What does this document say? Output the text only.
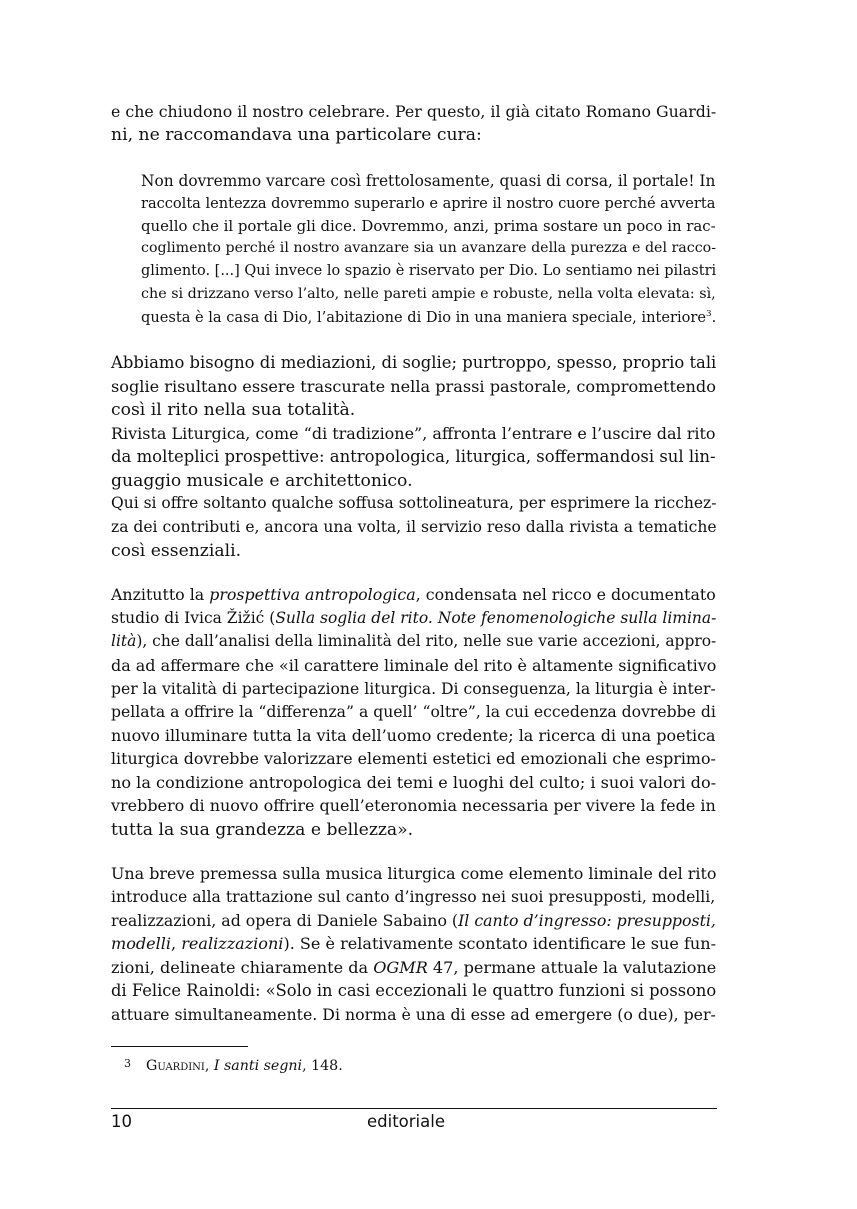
e che chiudono il nostro celebrare. Per questo, il già citato Romano Guardi-
ni, ne raccomandava una particolare cura:
Non dovremmo varcare così frettolosamente, quasi di corsa, il portale! In
raccolta lentezza dovremmo superarlo e aprire il nostro cuore perché avverta
quello che il portale gli dice. Dovremmo, anzi, prima sostare un poco in rac-
coglimento perché il nostro avanzare sia un avanzare della purezza e del racco-
glimento. [...] Qui invece lo spazio è riservato per Dio. Lo sentiamo nei pilastri
che si drizzano verso l’alto, nelle pareti ampie e robuste, nella volta elevata: sì,
questa è la casa di Dio, l’abitazione di Dio in una maniera speciale, interiore$^3$.
Abbiamo bisogno di mediazioni, di soglie; purtroppo, spesso, proprio tali
soglie risultano essere trascurate nella prassi pastorale, compromettendo
così il rito nella sua totalità.
Rivista Liturgica, come “di tradizione”, affronta l’entrare e l’uscire dal rito
da molteplici prospettive: antropologica, liturgica, soffermandosi sul lin-
guaggio musicale e architettonico.
Qui si offre soltanto qualche soffusa sottolineatura, per esprimere la ricchez-
za dei contributi e, ancora una volta, il servizio reso dalla rivista a tematiche
così essenziali.
Anzitutto la prospettiva antropologica, condensata nel ricco e documentato
studio di Ivica Žižić (Sulla soglia del rito. Note fenomenologiche sulla limina-
lità), che dall’analisi della liminalità del rito, nelle sue varie accezioni, appro-
da ad affermare che «il carattere liminale del rito è altamente significativo
per la vitalità di partecipazione liturgica. Di conseguenza, la liturgia è inter-
pellata a offrire la “differenza” a quell’ “oltre”, la cui eccedenza dovrebbe di
nuovo illuminare tutta la vita dell’uomo credente; la ricerca di una poetica
liturgica dovrebbe valorizzare elementi estetici ed emozionali che esprimo-
no la condizione antropologica dei temi e luoghi del culto; i suoi valori do-
vrebbero di nuovo offrire quell’eteronomia necessaria per vivere la fede in
tutta la sua grandezza e bellezza».
Una breve premessa sulla musica liturgica come elemento liminale del rito
introduce alla trattazione sul canto d’ingresso nei suoi presupposti, modelli,
realizzazioni, ad opera di Daniele Sabaino (Il canto d’ingresso: presupposti,
modelli, realizzazioni). Se è relativamente scontato identificare le sue fun-
zioni, delineate chiaramente da OGMR 47, permane attuale la valutazione
di Felice Rainoldi: «Solo in casi eccezionali le quattro funzioni si possono
attuare simultaneamente. Di norma è una di esse ad emergere (o due), per-
3 Guardini, I santi segni, 148.
10	editoriale
